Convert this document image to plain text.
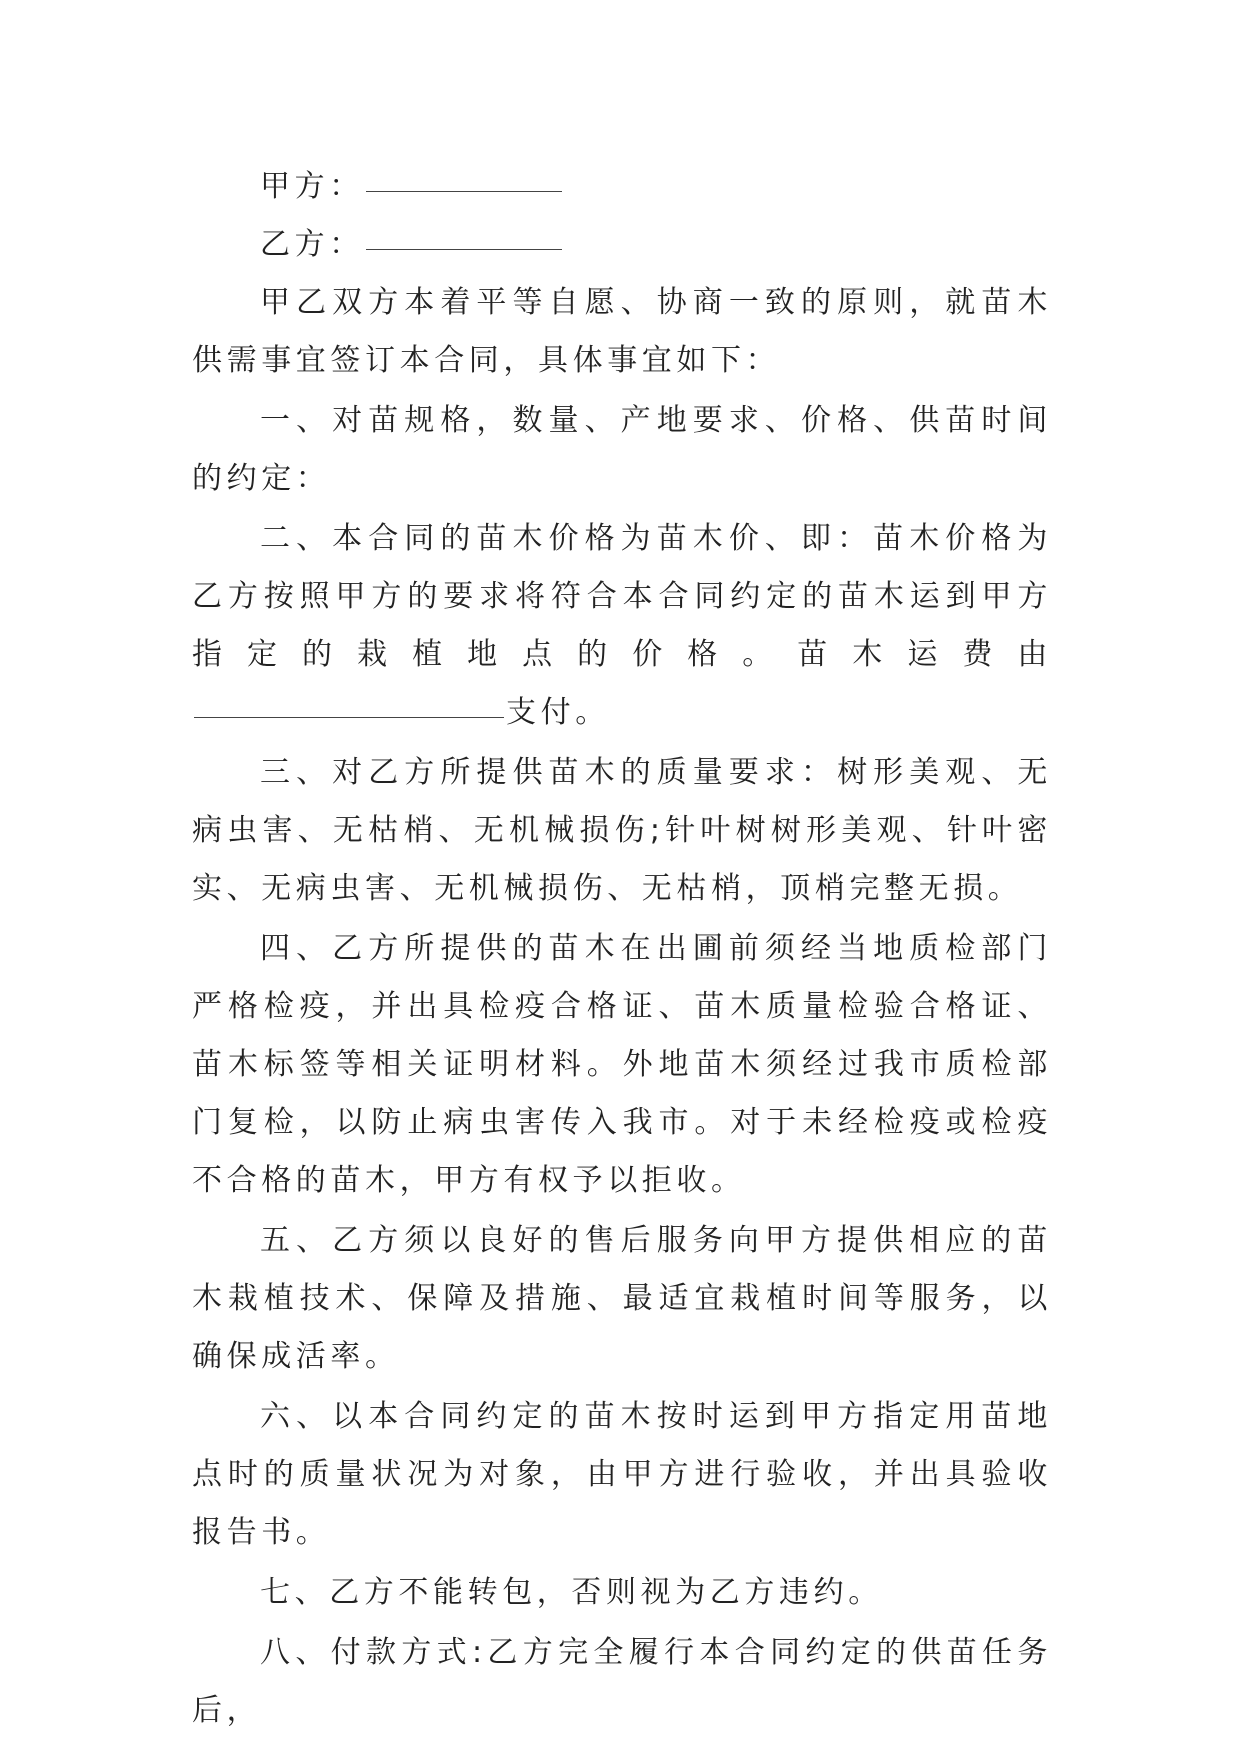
甲方：

乙方：

甲乙双方本着平等自愿、协商一致的原则，就苗木供需事宜签订本合同，具体事宜如下：

一、对苗规格，数量、产地要求、价格、供苗时间的约定：

二、本合同的苗木价格为苗木价、即：苗木价格为乙方按照甲方的要求将符合本合同约定的苗木运到甲方指定的栽植地点的价格。苗木运费由支付。

三、对乙方所提供苗木的质量要求：树形美观、无病虫害、无枯梢、无机械损伤;针叶树树形美观、针叶密实、无病虫害、无机械损伤、无枯梢，顶梢完整无损。

四、乙方所提供的苗木在出圃前须经当地质检部门严格检疫，并出具检疫合格证、苗木质量检验合格证、苗木标签等相关证明材料。外地苗木须经过我市质检部门复检，以防止病虫害传入我市。对于未经检疫或检疫不合格的苗木，甲方有权予以拒收。

五、乙方须以良好的售后服务向甲方提供相应的苗木栽植技术、保障及措施、最适宜栽植时间等服务，以确保成活率。

六、以本合同约定的苗木按时运到甲方指定用苗地点时的质量状况为对象，由甲方进行验收，并出具验收报告书。

七、乙方不能转包，否则视为乙方违约。

八、付款方式:乙方完全履行本合同约定的供苗任务后，
